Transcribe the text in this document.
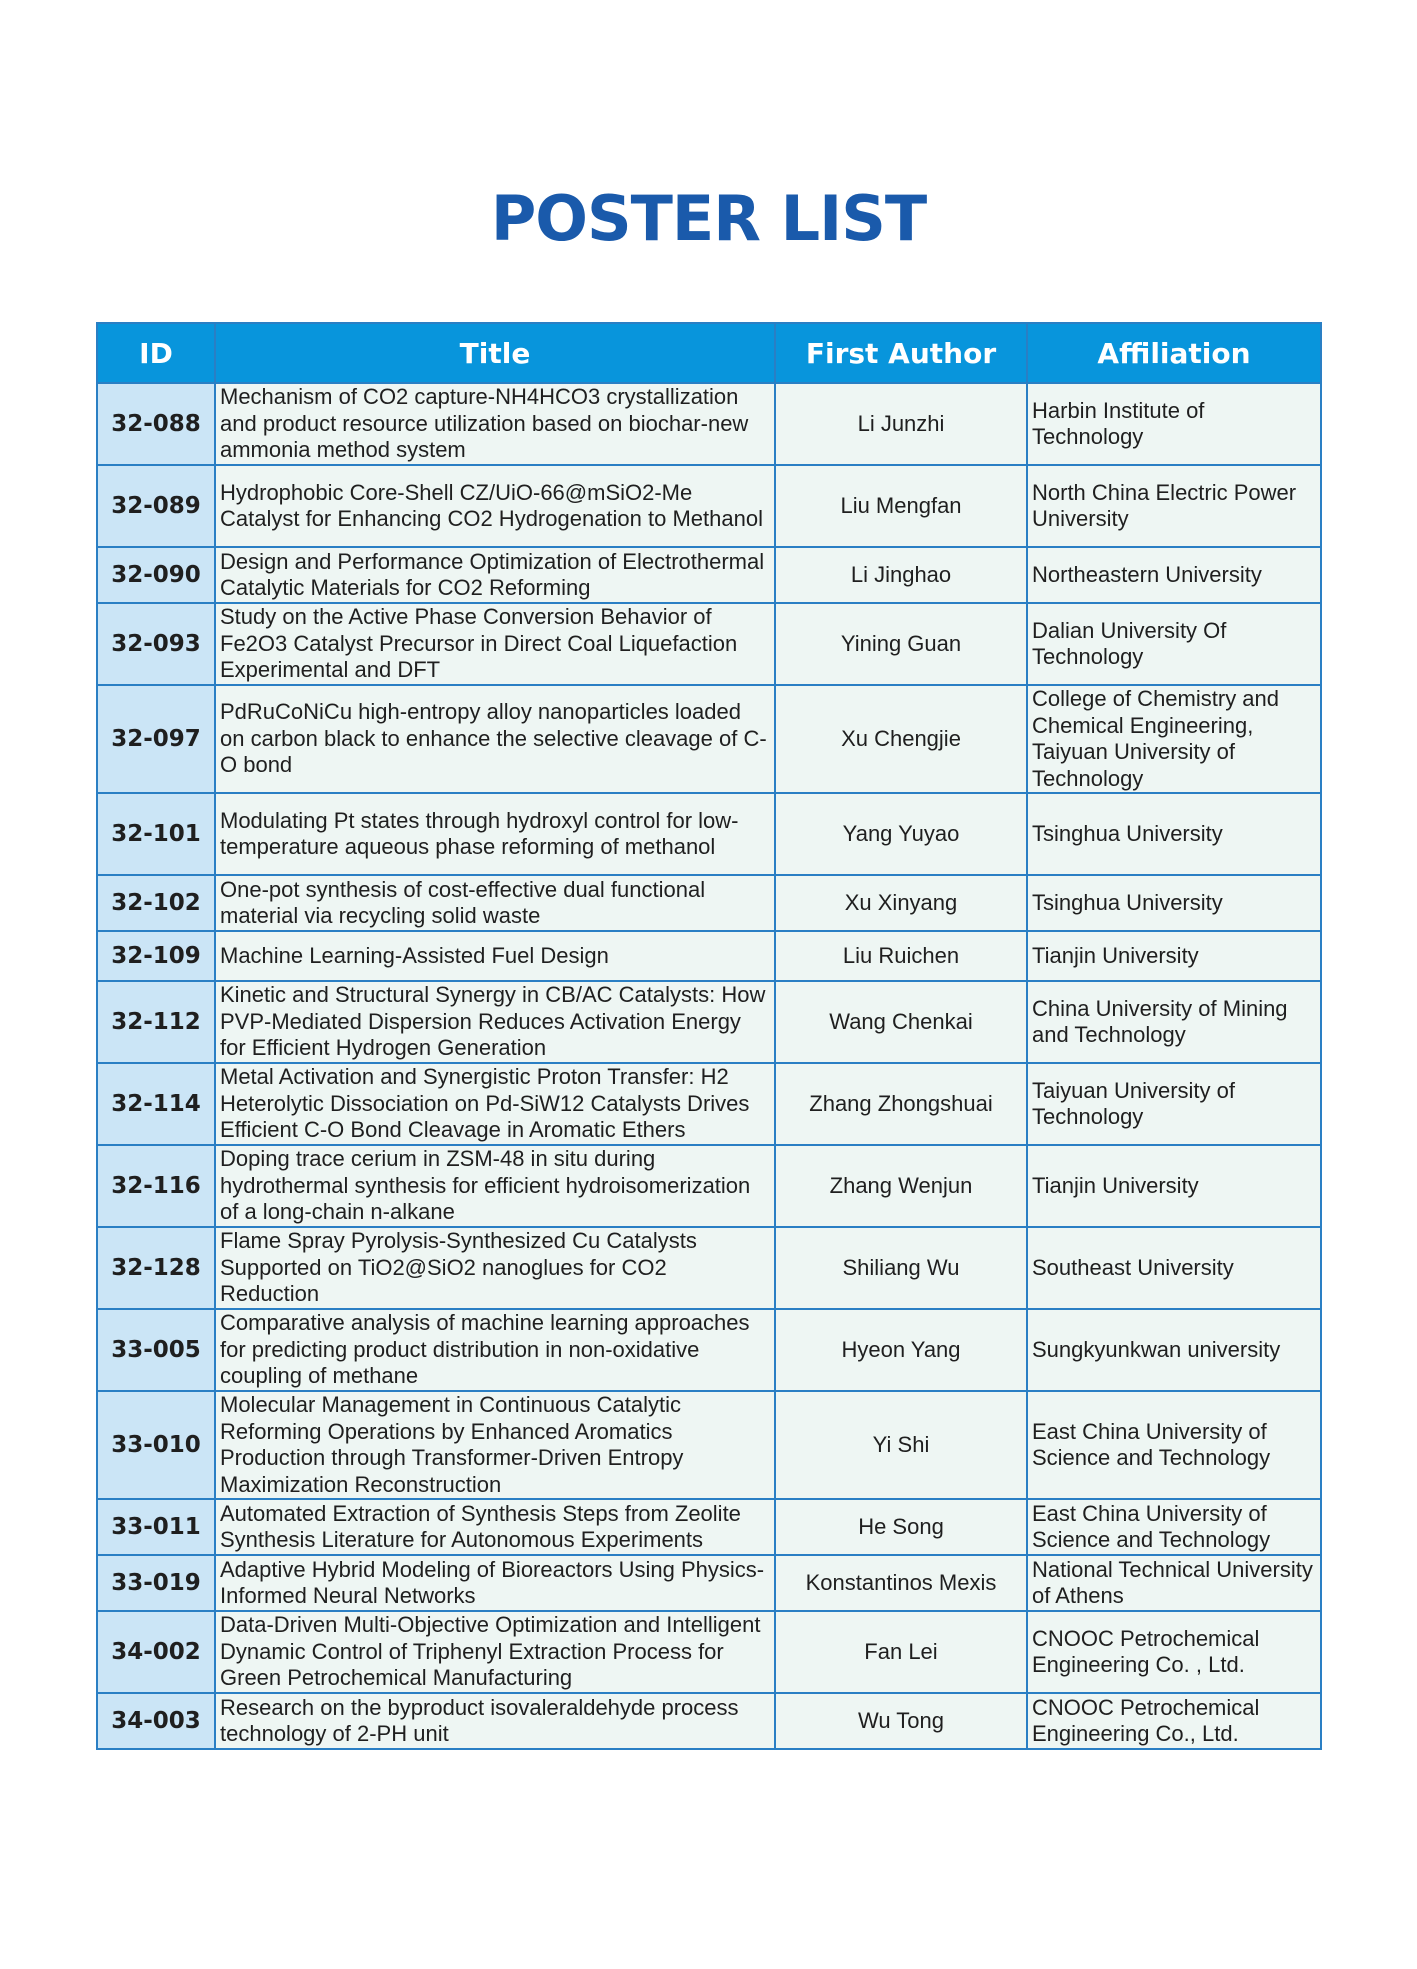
POSTER LIST
ID	Title	First Author	Affiliation
32-088	Mechanism of CO2 capture-NH4HCO3 crystallization and product resource utilization based on biochar-new ammonia method system	Li Junzhi	Harbin Institute of Technology
32-089	Hydrophobic Core-Shell CZ/UiO-66@mSiO2-Me Catalyst for Enhancing CO2 Hydrogenation to Methanol	Liu Mengfan	North China Electric Power University
32-090	Design and Performance Optimization of Electrothermal Catalytic Materials for CO2 Reforming	Li Jinghao	Northeastern University
32-093	Study on the Active Phase Conversion Behavior of Fe2O3 Catalyst Precursor in Direct Coal Liquefaction Experimental and DFT	Yining Guan	Dalian University Of Technology
32-097	PdRuCoNiCu high-entropy alloy nanoparticles loaded on carbon black to enhance the selective cleavage of C-O bond	Xu Chengjie	College of Chemistry and Chemical Engineering, Taiyuan University of Technology
32-101	Modulating Pt states through hydroxyl control for low-temperature aqueous phase reforming of methanol	Yang Yuyao	Tsinghua University
32-102	One-pot synthesis of cost-effective dual functional material via recycling solid waste	Xu Xinyang	Tsinghua University
32-109	Machine Learning-Assisted Fuel Design	Liu Ruichen	Tianjin University
32-112	Kinetic and Structural Synergy in CB/AC Catalysts: How PVP-Mediated Dispersion Reduces Activation Energy for Efficient Hydrogen Generation	Wang Chenkai	China University of Mining and Technology
32-114	Metal Activation and Synergistic Proton Transfer: H2 Heterolytic Dissociation on Pd-SiW12 Catalysts Drives Efficient C-O Bond Cleavage in Aromatic Ethers	Zhang Zhongshuai	Taiyuan University of Technology
32-116	Doping trace cerium in ZSM-48 in situ during hydrothermal synthesis for efficient hydroisomerization of a long-chain n-alkane	Zhang Wenjun	Tianjin University
32-128	Flame Spray Pyrolysis-Synthesized Cu Catalysts Supported on TiO2@SiO2 nanoglues for CO2 Reduction	Shiliang Wu	Southeast University
33-005	Comparative analysis of machine learning approaches for predicting product distribution in non-oxidative coupling of methane	Hyeon Yang	Sungkyunkwan university
33-010	Molecular Management in Continuous Catalytic Reforming Operations by Enhanced Aromatics Production through Transformer-Driven Entropy Maximization Reconstruction	Yi Shi	East China University of Science and Technology
33-011	Automated Extraction of Synthesis Steps from Zeolite Synthesis Literature for Autonomous Experiments	He Song	East China University of Science and Technology
33-019	Adaptive Hybrid Modeling of Bioreactors Using Physics-Informed Neural Networks	Konstantinos Mexis	National Technical University of Athens
34-002	Data-Driven Multi-Objective Optimization and Intelligent Dynamic Control of Triphenyl Extraction Process for Green Petrochemical Manufacturing	Fan Lei	CNOOC Petrochemical Engineering Co. , Ltd.
34-003	Research on the byproduct isovaleraldehyde process technology of 2-PH unit	Wu Tong	CNOOC Petrochemical Engineering Co., Ltd.
